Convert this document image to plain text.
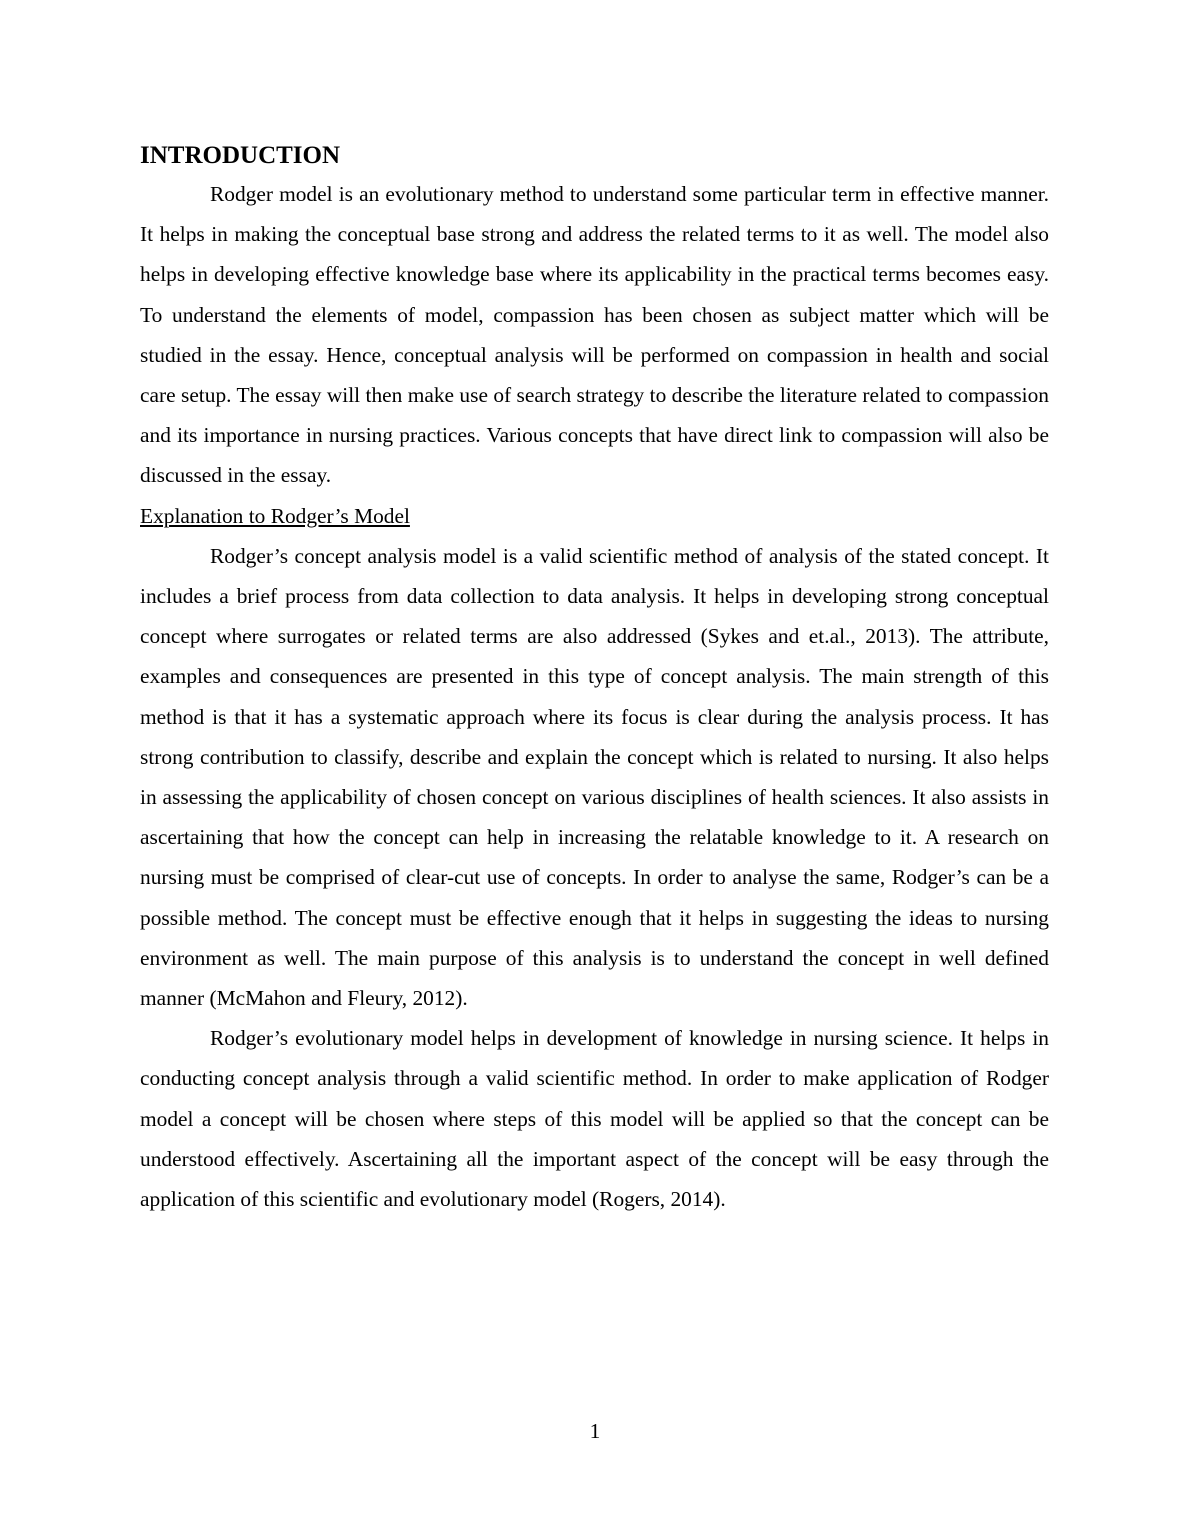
INTRODUCTION

Rodger model is an evolutionary method to understand some particular term in effective manner. It helps in making the conceptual base strong and address the related terms to it as well. The model also helps in developing effective knowledge base where its applicability in the practical terms becomes easy. To understand the elements of model, compassion has been chosen as subject matter which will be studied in the essay. Hence, conceptual analysis will be performed on compassion in health and social care setup. The essay will then make use of search strategy to describe the literature related to compassion and its importance in nursing practices. Various concepts that have direct link to compassion will also be discussed in the essay.

Explanation to Rodger’s Model

Rodger’s concept analysis model is a valid scientific method of analysis of the stated concept. It includes a brief process from data collection to data analysis. It helps in developing strong conceptual concept where surrogates or related terms are also addressed (Sykes and et.al., 2013). The attribute, examples and consequences are presented in this type of concept analysis. The main strength of this method is that it has a systematic approach where its focus is clear during the analysis process. It has strong contribution to classify, describe and explain the concept which is related to nursing. It also helps in assessing the applicability of chosen concept on various disciplines of health sciences. It also assists in ascertaining that how the concept can help in increasing the relatable knowledge to it. A research on nursing must be comprised of clear-cut use of concepts. In order to analyse the same, Rodger’s can be a possible method. The concept must be effective enough that it helps in suggesting the ideas to nursing environment as well. The main purpose of this analysis is to understand the concept in well defined manner (McMahon and Fleury, 2012).

Rodger’s evolutionary model helps in development of knowledge in nursing science. It helps in conducting concept analysis through a valid scientific method. In order to make application of Rodger model a concept will be chosen where steps of this model will be applied so that the concept can be understood effectively. Ascertaining all the important aspect of the concept will be easy through the application of this scientific and evolutionary model (Rogers, 2014).

1
